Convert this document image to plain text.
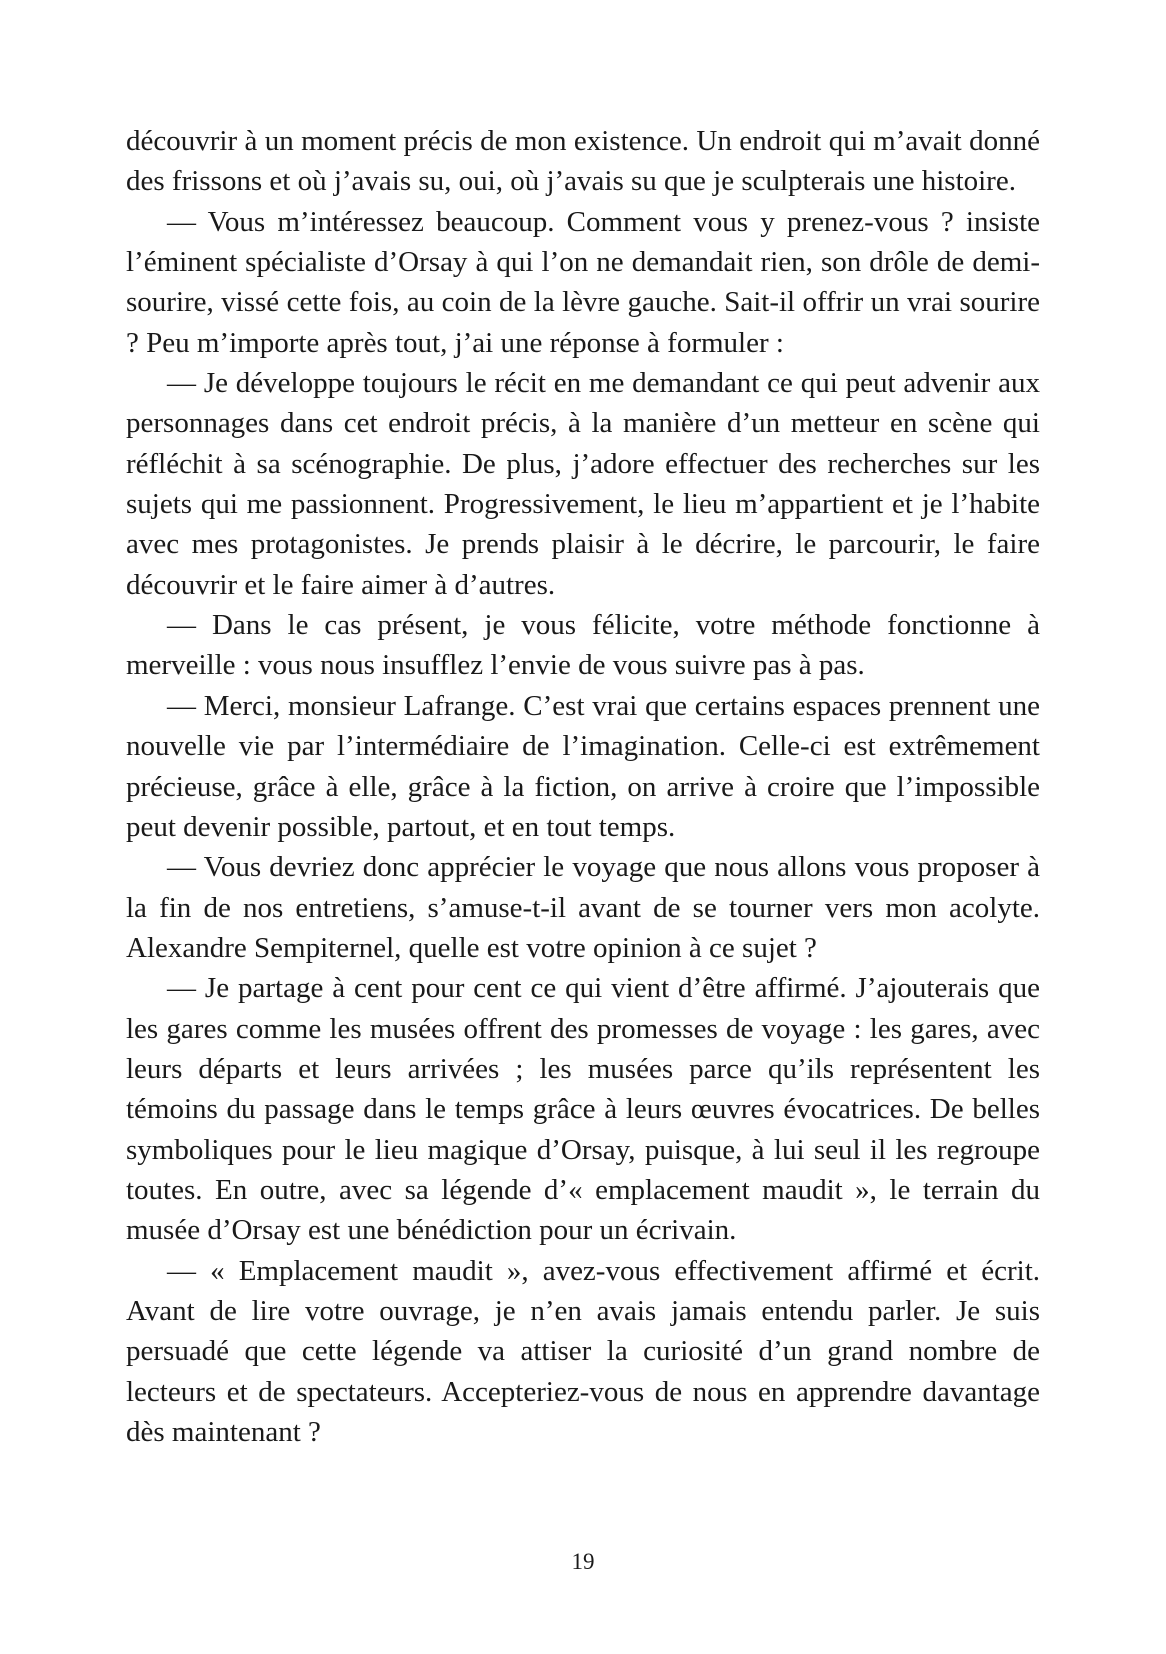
découvrir à un moment précis de mon existence. Un endroit qui m’avait donné des frissons et où j’avais su, oui, où j’avais su que je sculpterais une histoire.

— Vous m’intéressez beaucoup. Comment vous y prenez-vous ? insiste l’éminent spécialiste d’Orsay à qui l’on ne demandait rien, son drôle de demi-sourire, vissé cette fois, au coin de la lèvre gauche. Sait-il offrir un vrai sourire ? Peu m’importe après tout, j’ai une réponse à formuler :

— Je développe toujours le récit en me demandant ce qui peut advenir aux personnages dans cet endroit précis, à la manière d’un metteur en scène qui réfléchit à sa scénographie. De plus, j’adore effectuer des recherches sur les sujets qui me passionnent. Progressivement, le lieu m’appartient et je l’habite avec mes protagonistes. Je prends plaisir à le décrire, le parcourir, le faire découvrir et le faire aimer à d’autres.

— Dans le cas présent, je vous félicite, votre méthode fonctionne à merveille : vous nous insufflez l’envie de vous suivre pas à pas.

— Merci, monsieur Lafrange. C’est vrai que certains espaces prennent une nouvelle vie par l’intermédiaire de l’imagination. Celle-ci est extrêmement précieuse, grâce à elle, grâce à la fiction, on arrive à croire que l’impossible peut devenir possible, partout, et en tout temps.

— Vous devriez donc apprécier le voyage que nous allons vous proposer à la fin de nos entretiens, s’amuse-t-il avant de se tourner vers mon acolyte. Alexandre Sempiternel, quelle est votre opinion à ce sujet ?

— Je partage à cent pour cent ce qui vient d’être affirmé. J’ajouterais que les gares comme les musées offrent des promesses de voyage : les gares, avec leurs départs et leurs arrivées ; les musées parce qu’ils représentent les témoins du passage dans le temps grâce à leurs œuvres évocatrices. De belles symboliques pour le lieu magique d’Orsay, puisque, à lui seul il les regroupe toutes. En outre, avec sa légende d’« emplacement maudit », le terrain du musée d’Orsay est une bénédiction pour un écrivain.

— « Emplacement maudit », avez-vous effectivement affirmé et écrit. Avant de lire votre ouvrage, je n’en avais jamais entendu parler. Je suis persuadé que cette légende va attiser la curiosité d’un grand nombre de lecteurs et de spectateurs. Accepteriez-vous de nous en apprendre davantage dès maintenant ?

19
